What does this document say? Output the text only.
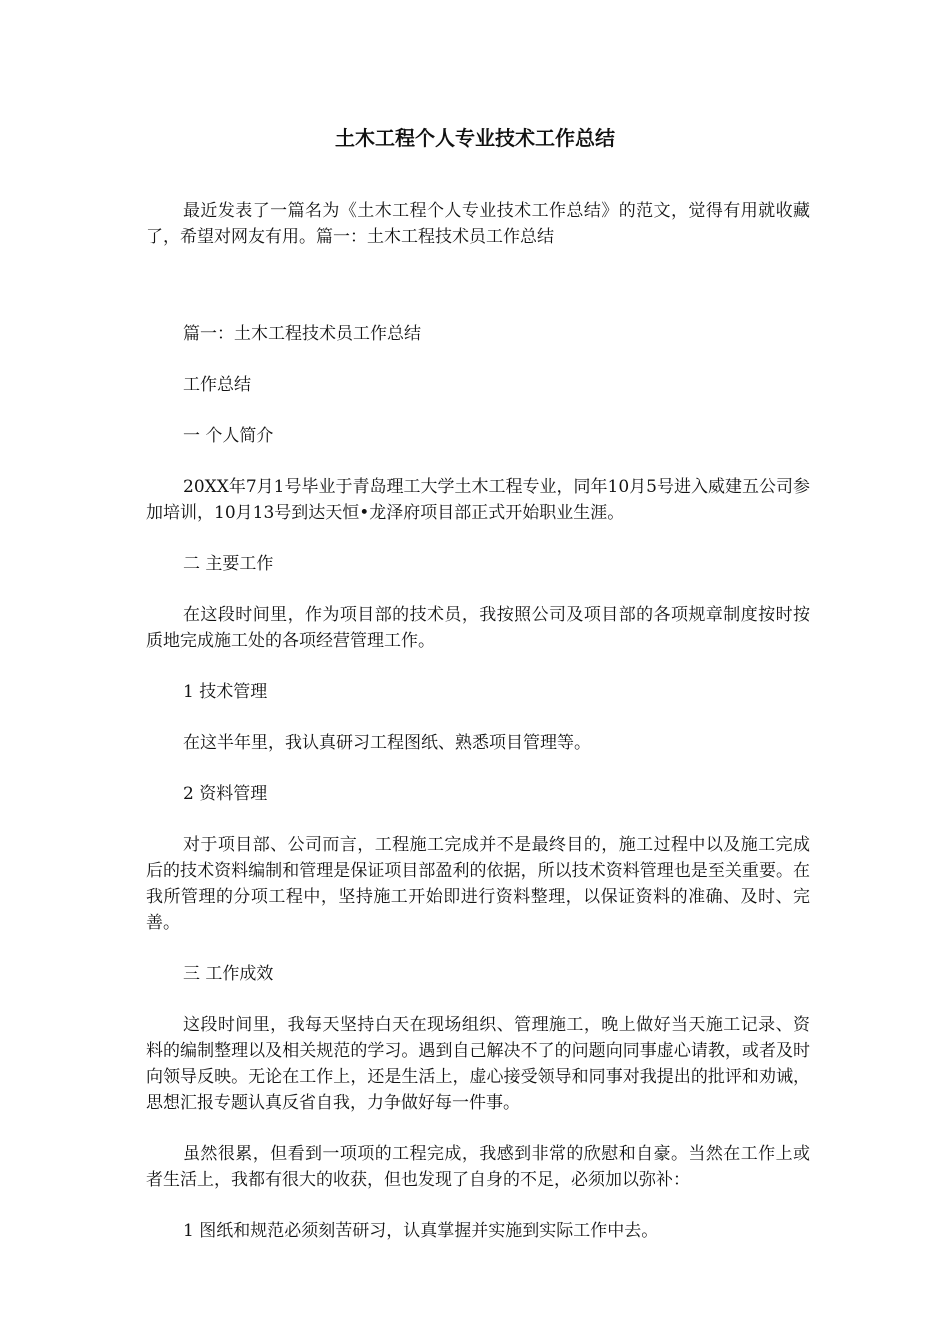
土木工程个人专业技术工作总结

最近发表了一篇名为《土木工程个人专业技术工作总结》的范文，觉得有用就收藏了，希望对网友有用。篇一：土木工程技术员工作总结

篇一：土木工程技术员工作总结

工作总结

一 个人简介

20XX年7月1号毕业于青岛理工大学土木工程专业，同年10月5号进入威建五公司参加培训，10月13号到达天恒•龙泽府项目部正式开始职业生涯。

二 主要工作

在这段时间里，作为项目部的技术员，我按照公司及项目部的各项规章制度按时按质地完成施工处的各项经营管理工作。

1 技术管理

在这半年里，我认真研习工程图纸、熟悉项目管理等。

2 资料管理

对于项目部、公司而言，工程施工完成并不是最终目的，施工过程中以及施工完成后的技术资料编制和管理是保证项目部盈利的依据，所以技术资料管理也是至关重要。在我所管理的分项工程中，坚持施工开始即进行资料整理，以保证资料的准确、及时、完善。

三 工作成效

这段时间里，我每天坚持白天在现场组织、管理施工，晚上做好当天施工记录、资料的编制整理以及相关规范的学习。遇到自己解决不了的问题向同事虚心请教，或者及时向领导反映。无论在工作上，还是生活上，虚心接受领导和同事对我提出的批评和劝诫，思想汇报专题认真反省自我，力争做好每一件事。

虽然很累，但看到一项项的工程完成，我感到非常的欣慰和自豪。当然在工作上或者生活上，我都有很大的收获，但也发现了自身的不足，必须加以弥补：

1 图纸和规范必须刻苦研习，认真掌握并实施到实际工作中去。
